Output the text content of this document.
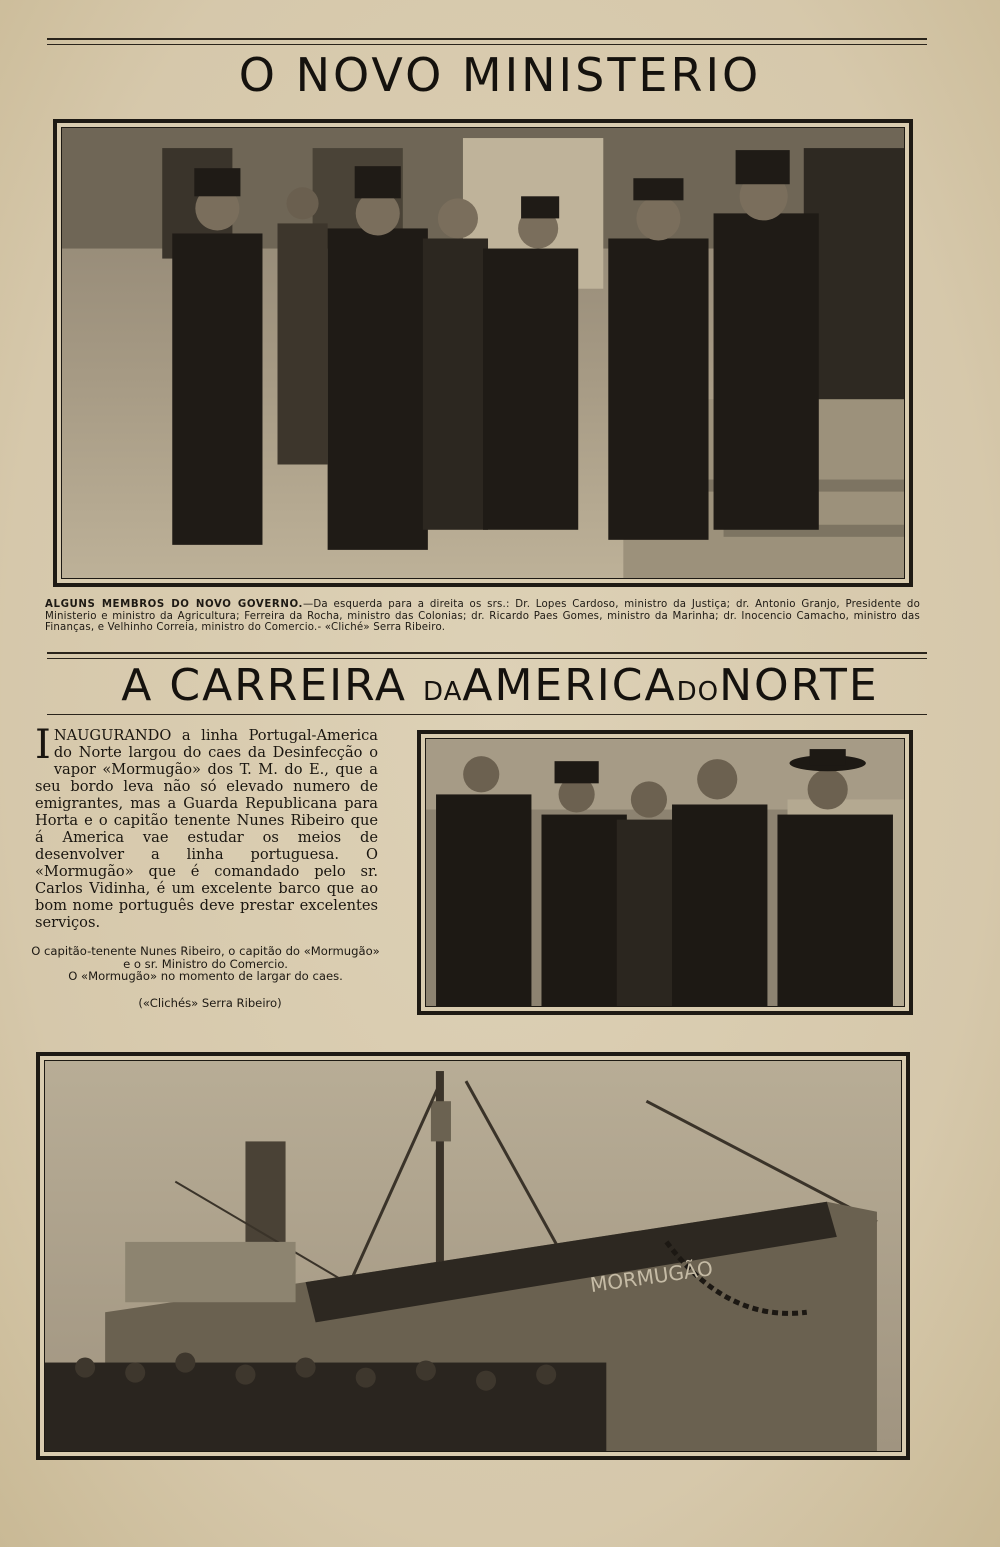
O NOVO MINISTERIO
ALGUNS MEMBROS DO NOVO GOVERNO.—Da esquerda para a direita os srs.: Dr. Lopes Cardoso, ministro da Justiça; dr. Antonio Granjo, Presidente do Ministerio e ministro da Agricultura; Ferreira da Rocha, ministro das Colonias; dr. Ricardo Paes Gomes, ministro da Marinha; dr. Inocencio Camacho, ministro das Finanças, e Velhinho Correia, ministro do Comercio.- «Cliché» Serra Ribeiro.
A CARREIRA DAAMERICADONORTE
INAUGURANDO a linha Portugal-America do Norte largou do caes da Desinfecção o vapor «Mormugão» dos T. M. do E., que a seu bordo leva não só elevado numero de emigrantes, mas a Guarda Republicana para Horta e o capitão tenente Nunes Ribeiro que á America vae estudar os meios de desenvolver a linha portuguesa. O «Mormugão» que é comandado pelo sr. Carlos Vidinha, é um excelente barco que ao bom nome português deve prestar excelentes serviços.
O capitão-tenente Nunes Ribeiro, o capitão do «Mormugão» e o sr. Ministro do Comercio.
O «Mormugão» no momento de largar do caes.
(«Clichés» Serra Ribeiro)
MORMUGÃO
